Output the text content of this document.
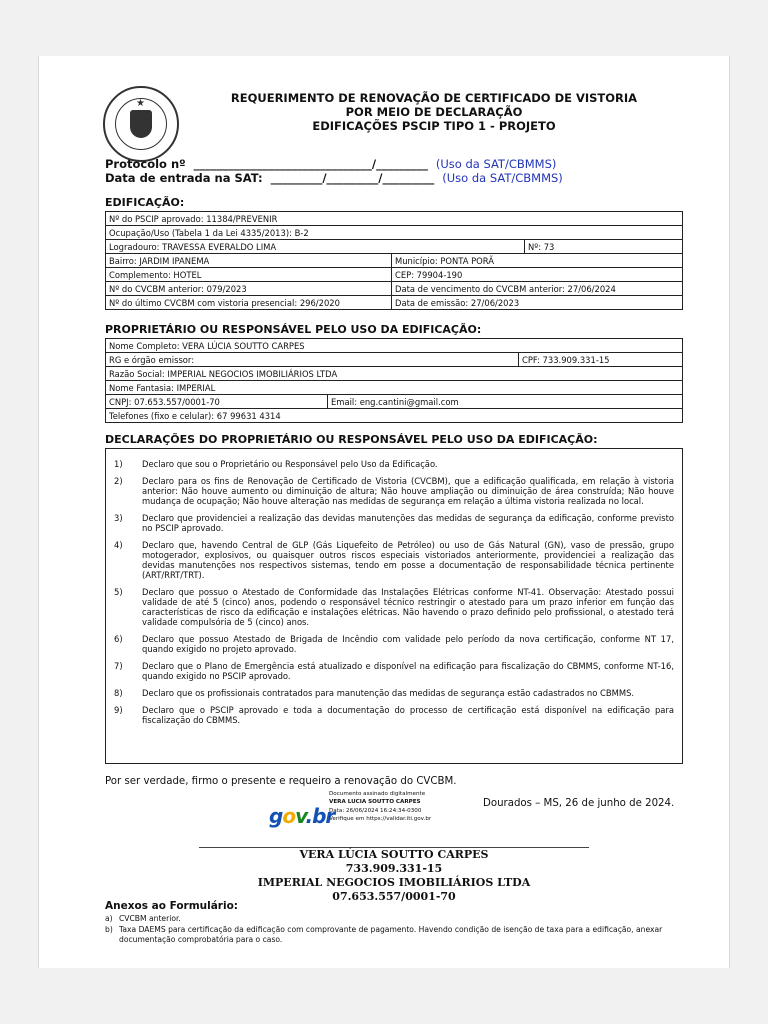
★	REQUERIMENTO DE RENOVAÇÃO DE CERTIFICADO DE VISTORIA
POR MEIO DE DECLARAÇÃO
EDIFICAÇÕES PSCIP TIPO 1 - PROJETO
Protocolo nº  _______________________________/_________ (Uso da SAT/CBMMS)
Data de entrada na SAT:  _________/_________/_________ (Uso da SAT/CBMMS)
EDIFICAÇÃO:
Nº do PSCIP aprovado: 11384/PREVENIR		
Ocupação/Uso (Tabela 1 da Lei 4335/2013): B-2		
Logradouro: TRAVESSA EVERALDO LIMA		Nº: 73
Bairro: JARDIM IPANEMA	Município: PONTA PORÃ	
Complemento: HOTEL	CEP: 79904-190	
Nº do CVCBM anterior: 079/2023	Data de vencimento do CVCBM anterior: 27/06/2024	
Nº do último CVCBM com vistoria presencial: 296/2020	Data de emissão: 27/06/2023	
PROPRIETÁRIO OU RESPONSÁVEL PELO USO DA EDIFICAÇÃO:
Nome Completo: VERA LÚCIA SOUTTO CARPES		
RG e órgão emissor:		CPF: 733.909.331-15
Razão Social: IMPERIAL NEGOCIOS IMOBILIÁRIOS LTDA		
Nome Fantasia: IMPERIAL		
CNPJ: 07.653.557/0001-70	Email: eng.cantini@gmail.com	
Telefones (fixo e celular): 67 99631 4314		
DECLARAÇÕES DO PROPRIETÁRIO OU RESPONSÁVEL PELO USO DA EDIFICAÇÃO:
1)	Declaro que sou o Proprietário ou Responsável pelo Uso da Edificação.
2)	Declaro para os fins de Renovação de Certificado de Vistoria (CVCBM), que a edificação qualificada, em relação à vistoria anterior: Não houve aumento ou diminuição de altura; Não houve ampliação ou diminuição de área construída; Não houve mudança de ocupação; Não houve alteração nas medidas de segurança em relação a última vistoria realizada no local.
3)	Declaro que providenciei a realização das devidas manutenções das medidas de segurança da edificação, conforme previsto no PSCIP aprovado.
4)	Declaro que, havendo Central de GLP (Gás Liquefeito de Petróleo) ou uso de Gás Natural (GN), vaso de pressão, grupo motogerador, explosivos, ou quaisquer outros riscos especiais vistoriados anteriormente, providenciei a realização das devidas manutenções nos respectivos sistemas, tendo em posse a documentação de responsabilidade técnica pertinente (ART/RRT/TRT).
5)	Declaro que possuo o Atestado de Conformidade das Instalações Elétricas conforme NT-41. Observação: Atestado possui validade de até 5 (cinco) anos, podendo o responsável técnico restringir o atestado para um prazo inferior em função das características de risco da edificação e instalações elétricas. Não havendo o prazo definido pelo profissional, o atestado terá validade compulsória de 5 (cinco) anos.
6)	Declaro que possuo Atestado de Brigada de Incêndio com validade pelo período da nova certificação, conforme NT 17, quando exigido no projeto aprovado.
7)	Declaro que o Plano de Emergência está atualizado e disponível na edificação para fiscalização do CBMMS, conforme NT-16, quando exigido no PSCIP aprovado.
8)	Declaro que os profissionais contratados para manutenção das medidas de segurança estão cadastrados no CBMMS.
9)	Declaro que o PSCIP aprovado e toda a documentação do processo de certificação está disponível na edificação para fiscalização do CBMMS.
Por ser verdade, firmo o presente e requeiro a renovação do CVCBM.
gov.br
Documento assinado digitalmente
VERA LUCIA SOUTTO CARPES
Data: 26/06/2024 16:24:34-0300
Verifique em https://validar.iti.gov.br
Dourados – MS, 26 de junho de 2024.
VERA LÚCIA SOUTTO CARPES
733.909.331-15
IMPERIAL NEGOCIOS IMOBILIÁRIOS LTDA
07.653.557/0001-70
Anexos ao Formulário:
a) CVCBM anterior.
b) Taxa DAEMS para certificação da edificação com comprovante de pagamento. Havendo condição de isenção de taxa para a edificação, anexar documentação comprobatória para o caso.
